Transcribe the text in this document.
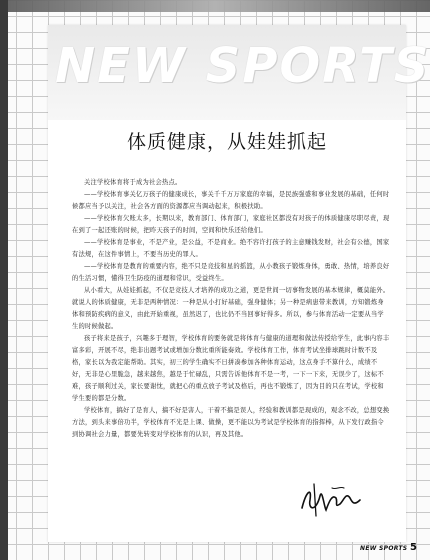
NEW SPORTS
体质健康，从娃娃抓起

关注学校体育将于成为社会热点。

——学校体育事关亿万孩子的健康成长，事关千千万万家庭的幸福，是民族强盛和事业发展的基础，任何时候都应当予以关注，社会各方面的资源都应当调动起来，积极扶助。

——学校体育欠账太多，长期以来，教育部门、体育部门，家庭社区都没有对孩子的体质健康尽职尽责，现在到了一起还账的时候，把昨天孩子的时间，空间和快乐还给他们。

——学校体育是事业，不是产业，是公益，不是商业。绝不容许打孩子的主意赚钱发财，社会有公德，国家有法规，在这件事情上，不要当历史的罪人。

——学校体育是教育的重要内容，绝不只是竞技和星的摇篮，从小教孩子锻炼身体，勇敢、热情，培养良好的生活习惯，懂得卫生防疫的道理和常识，受益终生。

从小看大，从娃娃抓起，不仅是竞技人才培养的成功之道，更是世间一切事物发展的基本规律，概莫能外。就说人的体质健康，无非是两种情况：一种是从小打好基础，强身健体；另一种是病患带来教训，方知锻炼身体和预防疾病的意义，由此开始重视，虽然迟了，也比仍不当回事好得多。所以，参与体育活动一定要从当学生的时候做起。

孩子将来是孩子，兴趣多于理智，学校体育的要务就是将体育与健康的道理和做法传授给学生，此事内容丰富多彩，开展不尽，绝非出题考试或增加分数比重所能奏效。学校体育工作，体育考试坐排球跳时计数不及格，家长以为我定能帮助。其实，初三的学生确实不日拼凑参加各种体育运动，这点身手不算什么，成绩不好，无非是心里脆急，越来越焦，越是于忙碌乱，只需告诉他体育不是一考，一下一下来，无误少了，这标不难，孩子顺利过关，家长要谢忱，就把心的重点放子考试及格后，再也不锻炼了，因为目的只在考试，学校和学生要的都是分数。

学校体育，搞好了是育人，搞不好是害人，干着不搞是误人，经验和教训都是现成的，观念不改，总想变换方法，到头来事倍功半，学校体育不光是上课、做操，更不能以为考试是学校体育的指挥棒，从下发行政指令到协调社会力量，都要先转变对学校体育的认识，再及其他。

NEW SPORTS 5
